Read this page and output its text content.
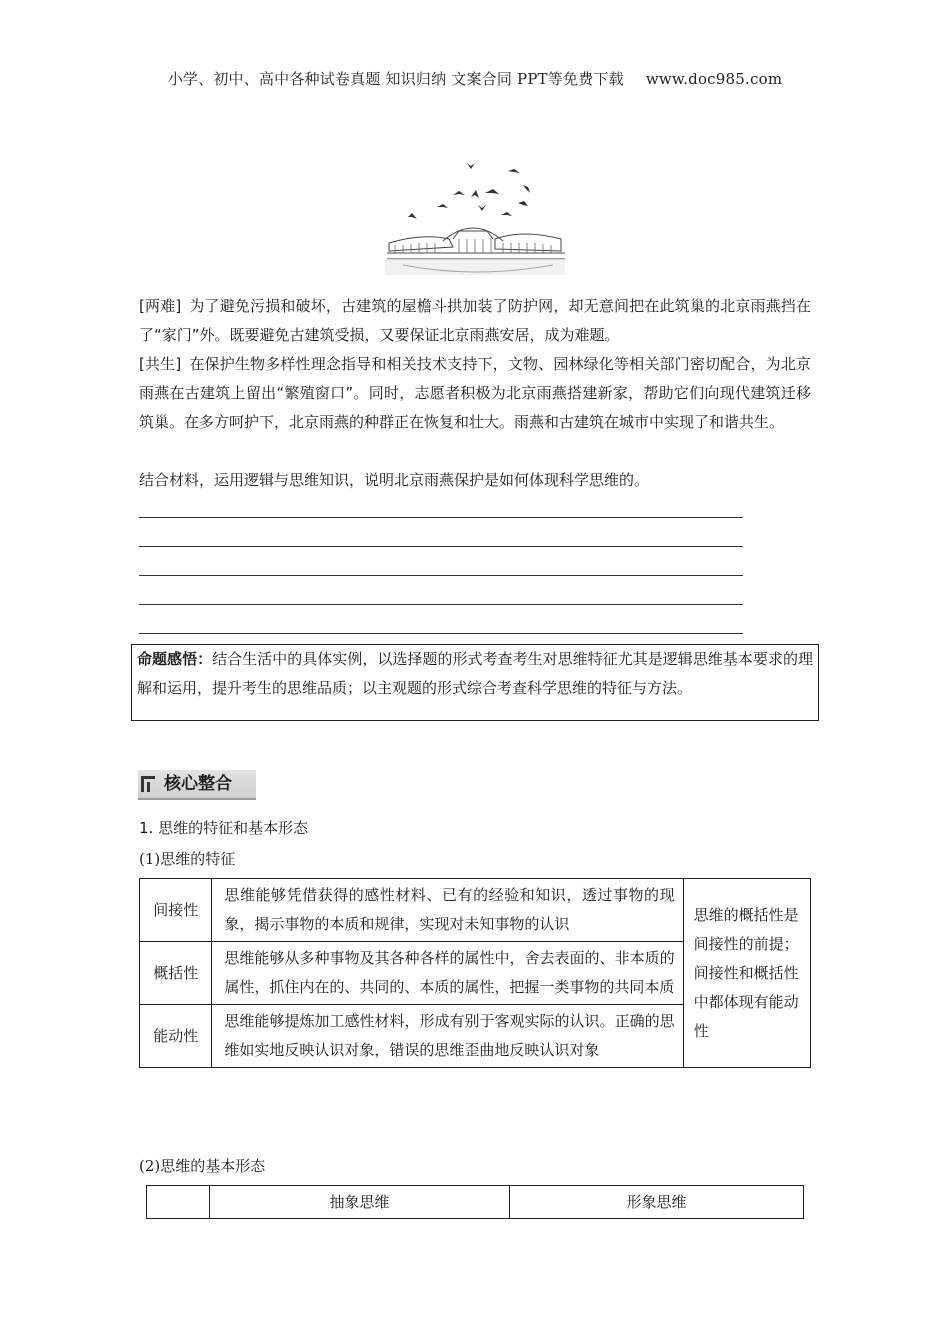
小学、初中、高中各种试卷真题 知识归纳 文案合同 PPT等免费下载 www.doc985.com
[两难] 为了避免污损和破坏，古建筑的屋檐斗拱加装了防护网，却无意间把在此筑巢的北京雨燕挡在了“家门”外。既要避免古建筑受损，又要保证北京雨燕安居，成为难题。
[共生] 在保护生物多样性理念指导和相关技术支持下，文物、园林绿化等相关部门密切配合，为北京雨燕在古建筑上留出“繁殖窗口”。同时，志愿者积极为北京雨燕搭建新家，帮助它们向现代建筑迁移筑巢。在多方呵护下，北京雨燕的种群正在恢复和壮大。雨燕和古建筑在城市中实现了和谐共生。
结合材料，运用逻辑与思维知识，说明北京雨燕保护是如何体现科学思维的。
命题感悟：结合生活中的具体实例，以选择题的形式考查考生对思维特征尤其是逻辑思维基本要求的理解和运用，提升考生的思维品质；以主观题的形式综合考查科学思维的特征与方法。
核心整合
1. 思维的特征和基本形态
(1)思维的特征
间接性	思维能够凭借获得的感性材料、已有的经验和知识，透过事物的现象，揭示事物的本质和规律，实现对未知事物的认识	思维的概括性是间接性的前提；间接性和概括性中都体现有能动性
概括性	思维能够从多种事物及其各种各样的属性中，舍去表面的、非本质的属性，抓住内在的、共同的、本质的属性，把握一类事物的共同本质	
能动性	思维能够提炼加工感性材料，形成有别于客观实际的认识。正确的思维如实地反映认识对象，错误的思维歪曲地反映认识对象	
(2)思维的基本形态
	抽象思维	形象思维
